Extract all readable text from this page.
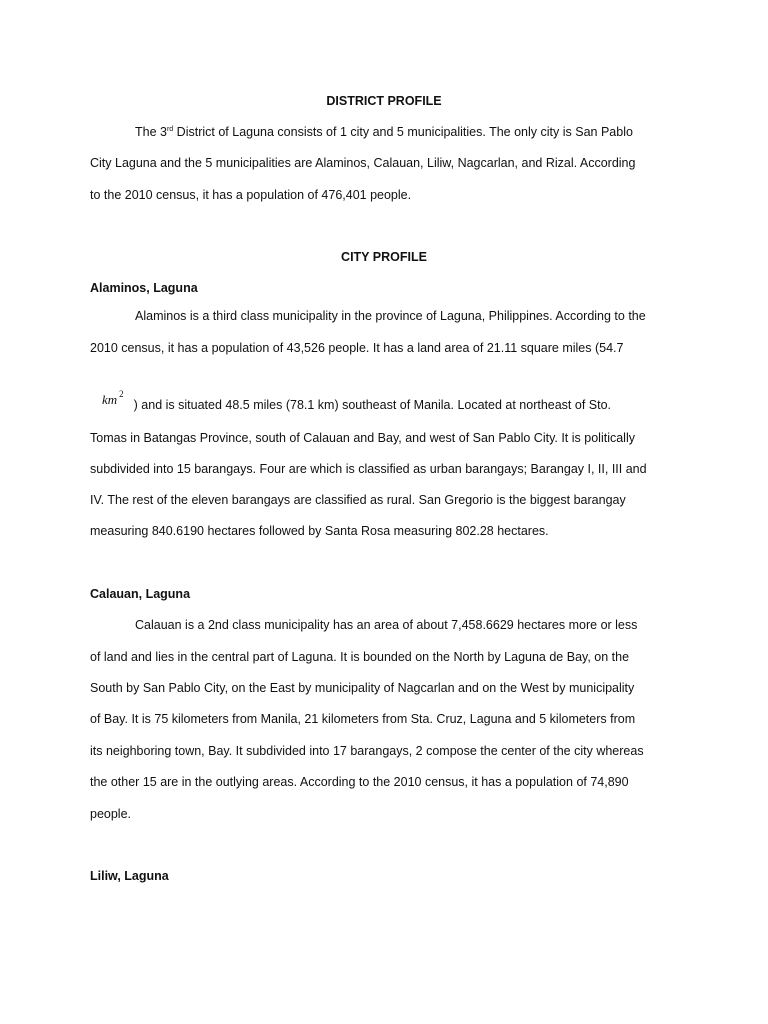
DISTRICT PROFILE
The 3rd District of Laguna consists of 1 city and 5 municipalities. The only city is San Pablo
City Laguna and the 5 municipalities are Alaminos, Calauan, Liliw, Nagcarlan, and Rizal. According
to the 2010 census, it has a population of 476,401 people.
CITY PROFILE
Alaminos, Laguna
Alaminos is a third class municipality in the province of Laguna, Philippines. According to the
2010 census, it has a population of 43,526 people. It has a land area of 21.11 square miles (54.7
km $^2$) and is situated 48.5 miles (78.1 km) southeast of Manila. Located at northeast of Sto.
Tomas in Batangas Province, south of Calauan and Bay, and west of San Pablo City. It is politically
subdivided into 15 barangays. Four are which is classified as urban barangays; Barangay I, II, III and
IV. The rest of the eleven barangays are classified as rural. San Gregorio is the biggest barangay
measuring 840.6190 hectares followed by Santa Rosa measuring 802.28 hectares.
Calauan, Laguna
Calauan is a 2nd class municipality has an area of about 7,458.6629 hectares more or less
of land and lies in the central part of Laguna. It is bounded on the North by Laguna de Bay, on the
South by San Pablo City, on the East by municipality of Nagcarlan and on the West by municipality
of Bay. It is 75 kilometers from Manila, 21 kilometers from Sta. Cruz, Laguna and 5 kilometers from
its neighboring town, Bay. It subdivided into 17 barangays, 2 compose the center of the city whereas
the other 15 are in the outlying areas. According to the 2010 census, it has a population of 74,890
people.
Liliw, Laguna
